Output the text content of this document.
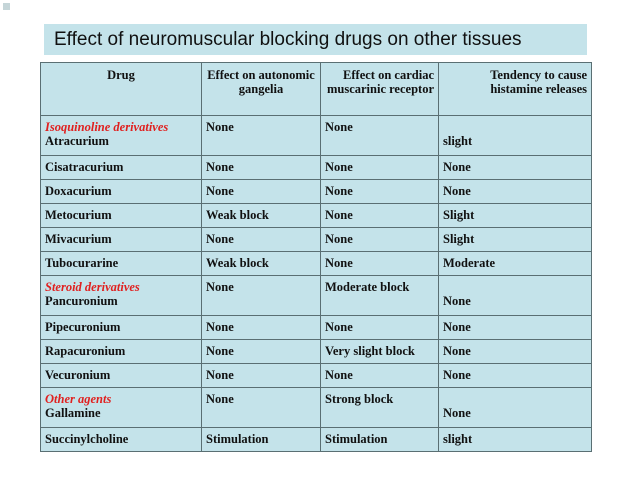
Effect of neuromuscular blocking drugs on other tissues
Drug	Effect on autonomic gangelia	Effect on cardiac muscarinic receptor	Tendency to cause histamine releases

Isoquinoline derivatives
Atracurium	None	None	slight

Cisatracurium	None	None	None
Doxacurium	None	None	None
Metocurium	Weak block	None	Slight
Mivacurium	None	None	Slight
Tubocurarine	Weak block	None	Moderate

Steroid derivatives
Pancuronium	None	Moderate block	None

Pipecuronium	None	None	None
Rapacuronium	None	Very slight block	None
Vecuronium	None	None	None

Other agents
Gallamine	None	Strong block	None

Succinylcholine	Stimulation	Stimulation	slight
